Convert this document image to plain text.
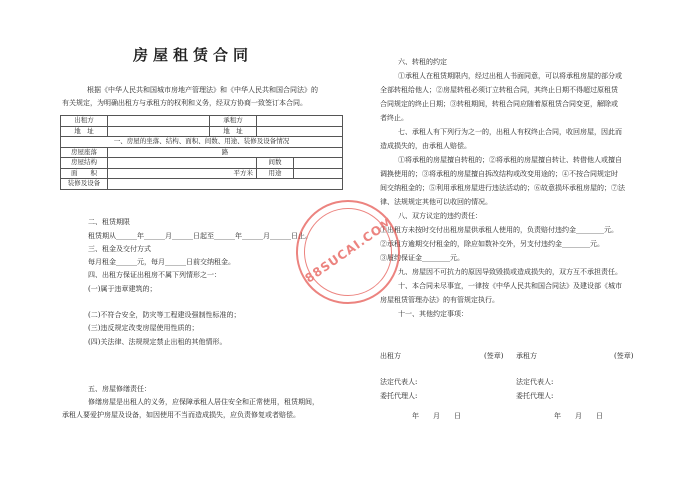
房屋租赁合同
根据《中华人民共和国城市房地产管理法》和《中华人民共和国合同法》的
有关规定，为明确出租方与承租方的权利和义务，经双方协商一致签订本合同。
出租方		承租方		
地　址		地　址		
一、房屋的坐落、结构、面积、间数、用途、装修及设备情况				
房屋座落	路			
房屋结构			间数	
面　　积	平方米		用途	
装修及设备				
二、租赁期限
租赁期从______年______月______日起至______年______月______日止。
三、租金及交付方式
每月租金______元，每月______日前交纳租金。
四、出租方保证出租房不属下列情形之一：
(一)属于违章建筑的；
(二)不符合安全，防灾等工程建设强制性标准的；
(三)违反规定改变房屋使用性质的；
(四)关法律、法规规定禁止出租的其他情形。
五、房屋修缮责任：
修缮房屋是出租人的义务，应保障承租人居住安全和正常使用，租赁期间，
承租人要爱护房屋及设备，如因使用不当而造成损失，应负责修复或者赔偿。
六、转租的约定
①承租人在租赁期限内，经过出租人书面同意，可以将承租房屋的部分或
全部转租给他人；②房屋转租必须订立转租合同，其终止日期不得超过原租赁
合同规定的终止日期；③转租期间，转租合同应随着原租赁合同变更，解除或
者终止。
七、承租人有下列行为之一的，出租人有权终止合同，收回房屋，因此而
造成损失的，由承租人赔偿。
①将承租的房屋擅自转租的；②将承租的房屋擅自转让、转借他人或擅自
调换使用的；③将承租的房屋擅自拆改结构或改变用途的；④不按合同规定时
间交纳租金的；⑤利用承租房屋进行违法活动的；⑥故意损坏承租房屋的；⑦法
律、法规规定其他可以收回的情况。
八、双方议定的违约责任：
①出租方未按时交付出租房屋供承租人使用的，负责赔付违约金________元。
②承租方逾期交付租金的，除应如数补交外，另支付违约金________元。
③履约保证金________元。
九、房屋因不可抗力的原因导致毁损或造成损失的，双方互不承担责任。
十、本合同未尽事宜，一律按《中华人民共和国合同法》及建设部《城市
房屋租赁管理办法》的有管规定执行。
十一、其他约定事项：
出租方	(签章) 承租方	(签章)
法定代表人:	法定代表人:
委托代理人:	委托代理人:
年　　月　　日	年　　月　　日
88SUCAI.COM
